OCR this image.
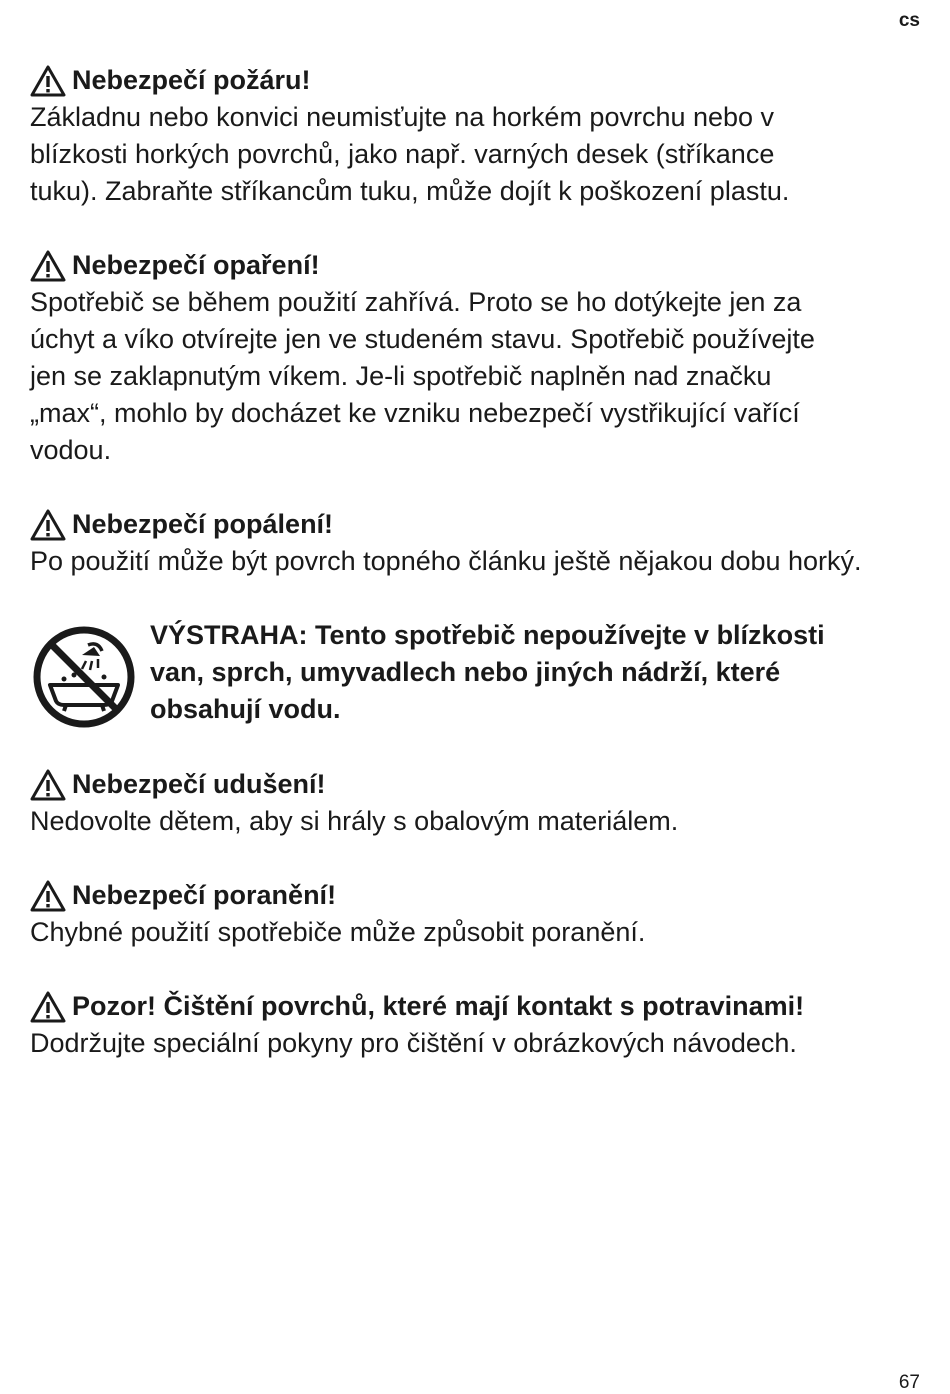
cs
Nebezpečí požáru!
Základnu nebo konvici neumisťujte na horkém povrchu nebo v
blízkosti horkých povrchů, jako např. varných desek (stříkance
tuku). Zabraňte stříkancům tuku, může dojít k poškození plastu.
Nebezpečí opaření!
Spotřebič se během použití zahřívá. Proto se ho dotýkejte jen za
úchyt a víko otvírejte jen ve studeném stavu. Spotřebič používejte
jen se zaklapnutým víkem. Je-li spotřebič naplněn nad značku
„max“, mohlo by docházet ke vzniku nebezpečí vystřikující vařící
vodou.
Nebezpečí popálení!
Po použití může být povrch topného článku ještě nějakou dobu horký.
VÝSTRAHA: Tento spotřebič nepoužívejte v blízkosti
van, sprch, umyvadlech nebo jiných nádrží, které
obsahují vodu.
Nebezpečí udušení!
Nedovolte dětem, aby si hrály s obalovým materiálem.
Nebezpečí poranění!
Chybné použití spotřebiče může způsobit poranění.
Pozor! Čištění povrchů, které mají kontakt s potravinami!
Dodržujte speciální pokyny pro čištění v obrázkových návodech.
67
